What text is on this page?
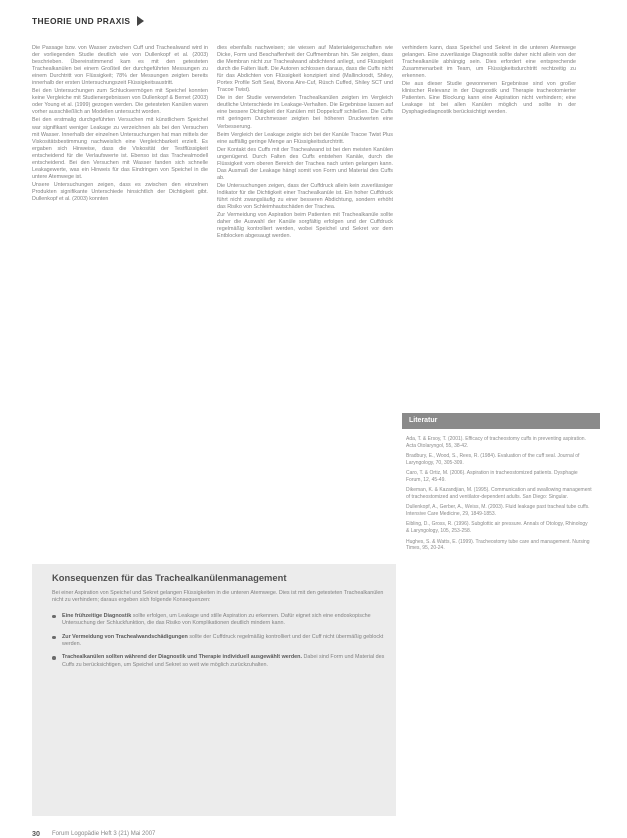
THEORIE UND PRAXIS

Die Passage bzw. von Wasser zwischen Cuff und Trachealwand wird in der vorliegenden Studie deutlich wie von Dullenkopf et al. (2003) beschrieben. Übereinstimmend kam es mit den getesteten Trachealkanülen bei einem Großteil der durchgeführten Messungen zu einem Durchtritt von Flüssigkeit; 78% der Messungen zeigten bereits innerhalb der ersten Untersuchungszeit Flüssigkeitsaustritt.

Bei den Untersuchungen zum Schluckvermögen mit Speichel konnten keine Vergleiche mit Studienergebnissen von Dullenkopf & Bernet (2003) oder Young et al. (1999) gezogen werden. Die getesteten Kanülen waren vorher ausschließlich an Modellen untersucht worden.

Bei den erstmalig durchgeführten Versuchen mit künstlichem Speichel war signifikant weniger Leakage zu verzeichnen als bei den Versuchen mit Wasser. Innerhalb der einzelnen Untersuchungen hat man mittels der Viskositätsbestimmung nachweislich eine Vergleichbarkeit erzielt. Es ergaben sich Hinweise, dass die Viskosität der Testflüssigkeit entscheidend für die Verlaufswerte ist. Ebenso ist das Trachealmodell entscheidend. Bei den Versuchen mit Wasser fanden sich schnelle Leakagewerte, was ein Hinweis für das Eindringen von Speichel in die untere Atemwege ist.

Unsere Untersuchungen zeigen, dass es zwischen den einzelnen Produkten signifikante Unterschiede hinsichtlich der Dichtigkeit gibt. Dullenkopf et al. (2003) konnten

dies ebenfalls nachweisen; sie wiesen auf Materialeigenschaften wie Dicke, Form und Beschaffenheit der Cuffmembran hin. Sie zeigten, dass die Membran nicht zur Trachealwand abdichtend anliegt, und Flüssigkeit durch die Falten läuft. Die Autoren schlossen daraus, dass die Cuffs nicht für das Abdichten von Flüssigkeit konzipiert sind (Mallinckrodt, Shiley, Portex Profile Soft Seal, Bivona Aire-Cuf, Rüsch Cuffed, Shiley SCT und Tracoe Twist).

Die in der Studie verwendeten Trachealkanülen zeigten im Vergleich deutliche Unterschiede im Leakage-Verhalten. Die Ergebnisse lassen auf eine bessere Dichtigkeit der Kanülen mit Doppelcuff schließen. Die Cuffs mit geringem Durchmesser zeigten bei höheren Druckwerten eine Verbesserung.

Beim Vergleich der Leakage zeigte sich bei der Kanüle Tracoe Twist Plus eine auffällig geringe Menge an Flüssigkeitsdurchtritt.

Der Kontakt des Cuffs mit der Trachealwand ist bei den meisten Kanülen ungenügend. Durch Falten des Cuffs entstehen Kanäle, durch die Flüssigkeit vom oberen Bereich der Trachea nach unten gelangen kann. Das Ausmaß der Leakage hängt somit von Form und Material des Cuffs ab.

Die Untersuchungen zeigen, dass der Cuffdruck allein kein zuverlässiger Indikator für die Dichtigkeit einer Trachealkanüle ist. Ein hoher Cuffdruck führt nicht zwangsläufig zu einer besseren Abdichtung, sondern erhöht das Risiko von Schleimhautschäden der Trachea.

Zur Vermeidung von Aspiration beim Patienten mit Trachealkanüle sollte daher die Auswahl der Kanüle sorgfältig erfolgen und der Cuffdruck regelmäßig kontrolliert werden, wobei Speichel und Sekret vor dem Entblocken abgesaugt werden.

verhindern kann, dass Speichel und Sekret in die unteren Atemwege gelangen. Eine zuverlässige Diagnostik sollte daher nicht allein von der Trachealkanüle abhängig sein. Dies erfordert eine entsprechende Zusammenarbeit im Team, um Flüssigkeitsdurchtritt rechtzeitig zu erkennen.

Die aus dieser Studie gewonnenen Ergebnisse sind von großer klinischer Relevanz in der Diagnostik und Therapie tracheotomierter Patienten. Eine Blockung kann eine Aspiration nicht verhindern; eine Leakage ist bei allen Kanülen möglich und sollte in der Dysphagiediagnostik berücksichtigt werden.

Literatur

Ada, T. & Ersoy, T. (2001). Efficacy of tracheostomy cuffs in preventing aspiration. Acta Otolaryngol, 55, 38-42.

Bradbury, E., Wood, S., Rees, R. (1984). Evaluation of the cuff seal. Journal of Laryngology, 70, 305-309.

Caro, T. & Ortiz, M. (2006). Aspiration in tracheostomized patients. Dysphagie Forum, 12, 45-49.

Dikeman, K. & Kazandjian, M. (1995). Communication and swallowing management of tracheostomized and ventilator-dependent adults. San Diego: Singular.

Dullenkopf, A., Gerber, A., Weiss, M. (2003). Fluid leakage past tracheal tube cuffs. Intensive Care Medicine, 29, 1849-1853.

Eibling, D., Gross, R. (1996). Subglottic air pressure. Annals of Otology, Rhinology & Laryngology, 105, 253-258.

Hughes, S. & Watts, E. (1999). Tracheostomy tube care and management. Nursing Times, 95, 20-24.

Konsequenzen für das Trachealkanülenmanagement

Bei einer Aspiration von Speichel und Sekret gelangen Flüssigkeiten in die unteren Atemwege. Dies ist mit den getesteten Trachealkanülen nicht zu verhindern; daraus ergeben sich folgende Konsequenzen:

Eine frühzeitige Diagnostik sollte erfolgen, um Leakage und stille Aspiration zu erkennen. Dafür eignet sich eine endoskopische Untersuchung der Schluckfunktion, die das Risiko von Komplikationen deutlich mindern kann.
Zur Vermeidung von Trachealwandschädigungen sollte der Cuffdruck regelmäßig kontrolliert und der Cuff nicht übermäßig geblockt werden.
Trachealkanülen sollten während der Diagnostik und Therapie individuell ausgewählt werden. Dabei sind Form und Material des Cuffs zu berücksichtigen, um Speichel und Sekret so weit wie möglich zurückzuhalten.
30 Forum Logopädie Heft 3 (21) Mai 2007
